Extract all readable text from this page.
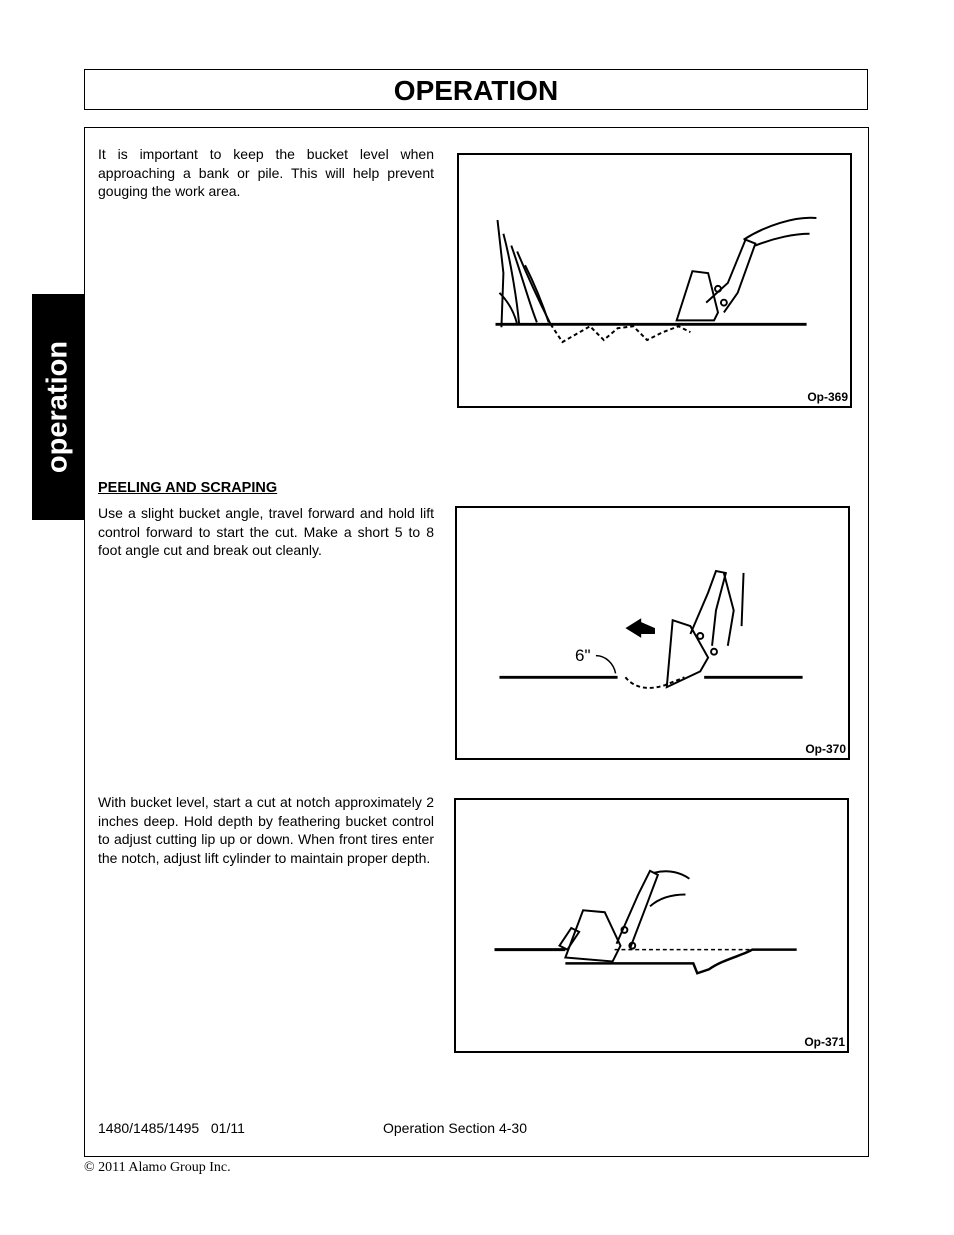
OPERATION
operation
It is important to keep the bucket level when approaching a bank or pile. This will help prevent gouging the work area.
PEELING AND SCRAPING
Use a slight bucket angle, travel forward and hold lift control forward to start the cut. Make a short 5 to 8 foot angle cut and break out cleanly.
With bucket level, start a cut at notch approximately 2 inches deep. Hold depth by feathering bucket control to adjust cutting lip up or down. When front tires enter the notch, adjust lift cylinder to maintain proper depth.
Op-369
6"
Op-370
Op-371
1480/1485/1495   01/11	Operation Section 4-30
© 2011 Alamo Group Inc.
